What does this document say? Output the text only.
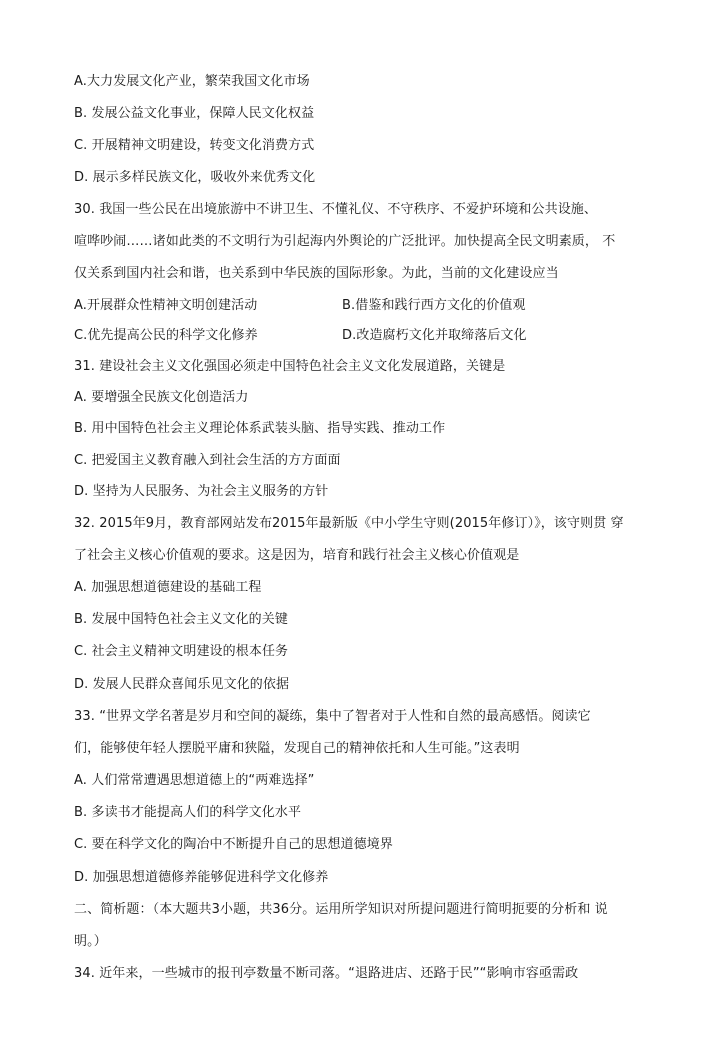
A.大力发展文化产业，繁荣我国文化市场
B. 发展公益文化事业，保障人民文化权益
C. 开展精神文明建设，转变文化消费方式
D. 展示多样民族文化，吸收外来优秀文化
30. 我国一些公民在出境旅游中不讲卫生、不懂礼仪、不守秩序、不爱护环境和公共设施、
喧哗吵闹……诸如此类的不文明行为引起海内外舆论的广泛批评。加快提高全民文明素质， 不
仅关系到国内社会和谐，也关系到中华民族的国际形象。为此，当前的文化建设应当
A.开展群众性精神文明创建活动	B.借鉴和践行西方文化的价值观
C.优先提高公民的科学文化修养	D.改造腐朽文化并取缔落后文化
31. 建设社会主义文化强国必须走中国特色社会主义文化发展道路，关键是
A. 要增强全民族文化创造活力
B. 用中国特色社会主义理论体系武装头脑、指导实践、推动工作
C. 把爱国主义教育融入到社会生活的方方面面
D. 坚持为人民服务、为社会主义服务的方针
32. 2015年9月，教育部网站发布2015年最新版《中小学生守则(2015年修订）》，该守则贯 穿
了社会主义核心价值观的要求。这是因为，培育和践行社会主义核心价值观是
A. 加强思想道德建设的基础工程
B. 发展中国特色社会主义文化的关键
C. 社会主义精神文明建设的根本任务
D. 发展人民群众喜闻乐见文化的依据
33. “世界文学名著是岁月和空间的凝练，集中了智者对于人性和自然的最高感悟。阅读它
们，能够使年轻人摆脱平庸和狭隘，发现自己的精神依托和人生可能。”这表明
A. 人们常常遭遇思想道德上的“两难选择”
B. 多读书才能提高人们的科学文化水平
C. 要在科学文化的陶冶中不断提升自己的思想道德境界
D. 加强思想道德修养能够促进科学文化修养
二、简析题：（本大题共3小题，共36分。运用所学知识对所提问题进行简明扼要的分析和 说
明。）
34. 近年来，一些城市的报刊亭数量不断司落。“退路进店、还路于民”“影响市容亟需政
